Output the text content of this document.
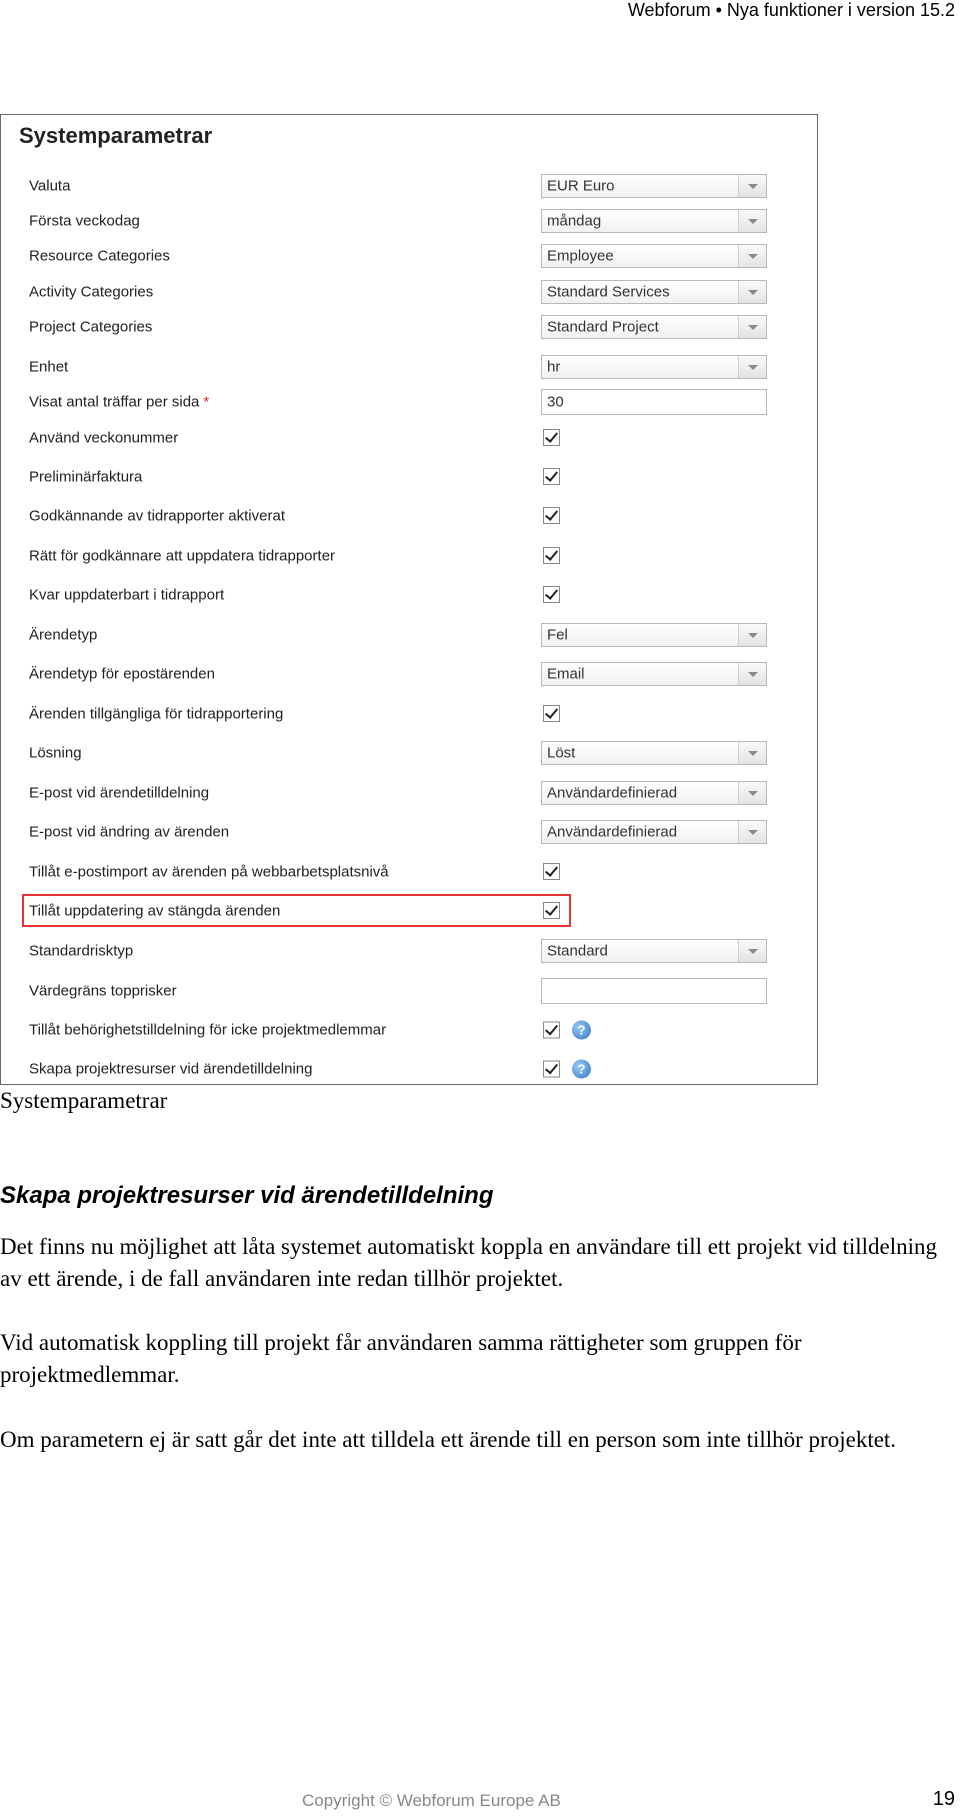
Webforum • Nya funktioner i version 15.2
Systemparametrar
Valuta	EUR Euro
Första veckodag	måndag
Resource Categories	Employee
Activity Categories	Standard Services
Project Categories	Standard Project
Enhet	hr
Visat antal träffar per sida *	30
Använd veckonummer
Preliminärfaktura
Godkännande av tidrapporter aktiverat
Rätt för godkännare att uppdatera tidrapporter
Kvar uppdaterbart i tidrapport
Ärendetyp	Fel
Ärendetyp för epostärenden	Email
Ärenden tillgängliga för tidrapportering
Lösning	Löst
E-post vid ärendetilldelning	Användardefinierad
E-post vid ändring av ärenden	Användardefinierad
Tillåt e-postimport av ärenden på webbarbetsplatsnivå
Tillåt uppdatering av stängda ärenden
Standardrisktyp	Standard
Värdegräns topprisker
Tillåt behörighetstilldelning för icke projektmedlemmar	?
Skapa projektresurser vid ärendetilldelning	?
Systemparametrar
Skapa projektresurser vid ärendetilldelning
Det finns nu möjlighet att låta systemet automatiskt koppla en användare till ett projekt vid tilldelning av ett ärende, i de fall användaren inte redan tillhör projektet.
Vid automatisk koppling till projekt får användaren samma rättigheter som gruppen för projektmedlemmar.
Om parametern ej är satt går det inte att tilldela ett ärende till en person som inte tillhör projektet.
Copyright © Webforum Europe AB	19
